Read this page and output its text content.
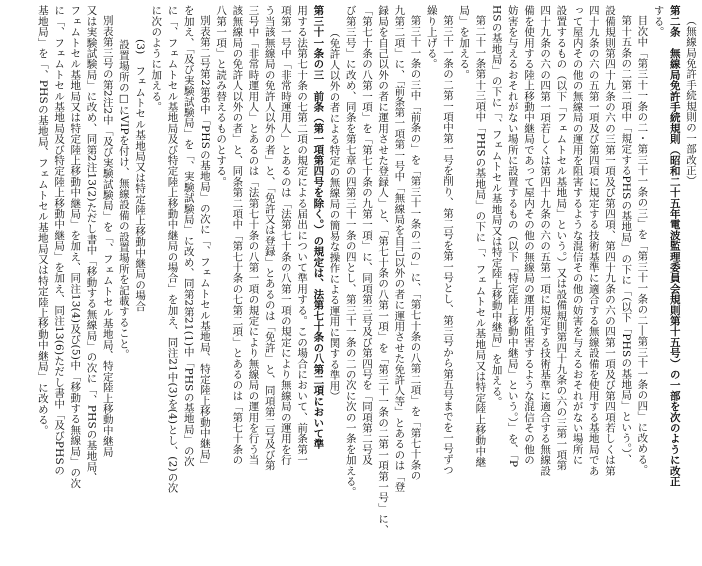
（無線局免許手続規則の一部改正）
第二条　無線局免許手続規則（昭和二十五年電波監理委員会規則第十五号）の一部を次のように改正
する。
目次中「第三十一条の二・第三十一条の三」を「第三十一条の二―第三十一条の四」に改める。
第十五条の二第二項中「規定するPHSの基地局」の下に「（以下「PHSの基地局」という。）、
設備規則第四十九条の六の三第一項及び第四項、第四十九条の六の四第一項及び第四項若しくは第
四十九条の六の五第一項及び第四項に規定する技術基準に適合する無線設備を使用する基地局であ
って屋内その他の無線局の運用を阻害するような混信その他の妨害を与えるおそれがない場所に
設置するもの（以下「フェムトセル基地局」という。）又は設備規則第四十九条の六の三第一項第
四十九条の六の四第一項若しくは第四十九条の六の五第一項に規定する技術基準に適合する無線設
備を使用する陸上移動中継局であって屋内その他の無線局の運用を阻害するような混信その他の
妨害を与えるおそれがない場所に設置するもの（以下「特定陸上移動中継局」という。）」を、「P
HSの基地局」の下に「、フェムトセル基地局又は特定陸上移動中継局」を加える。
第二十一条第十三項中「PHSの基地局」の下に「、フェムトセル基地局又は特定陸上移動中継
局」を加える。
第三十一条の二第一項中第一号を削り、第二号を第一号とし、第三号から第五号までを一号ずつ
繰り上げる。
第三十一条の三中「前条の」を「第三十一条の二の」に、「第七十条の八第二項」を「第七十条の
九第二項」に、「前条第一項第一号中「無線局を自己以外の者に運用させた免許人等」とあるのは「登
録局を自己以外の者に運用させた登録人」と、「第七十条の八第一項」を「第三十一条の二第一項第一号」に、
「第七十条の八第一項」を「第七十条の九第一項」に、同項第三号及び第四号を「同項第二号及
び第三号」に改め、同条を第七章の四第三十一条の四とし、第三十一条の二の次に次の一条を加える。
（免許人以外の者による特定の無線局の簡易な操作による運用に関する準用）
第三十一条の三　前条（第一項第四号を除く。）の規定は、法第七十条の八第二項において準
用する法第七十条の七第二項の規定による届出について準用する。この場合において、前条第一
項第一号中「非常時運用人」とあるのは「法第七十条の八第一項の規定により無線局の運用を行
う当該無線局の免許人以外の者」と、「免許又は登録」とあるのは「免許」と、同項第二号及び第
三号中「非常時運用人」とあるのは「法第七十条の八第一項の規定により無線局の運用を行う当
該無線局の免許人以外の者」と、同条第二項中「第七十条の七第二項」とあるのは「第七十条の
八第一項」と読み替えるものとする。
別表第二号第2第6中「PHSの基地局」の次に「、フェムトセル基地局、特定陸上移動中継局」
を加え、「及び実験試験局」を「、実験試験局」に改め、同第2第21(1)中「PHSの基地局」の次
に「、フェムトセル基地局及び特定陸上移動中継局の場合」を加え、同注21中(3)を(4)とし、(2)の次
に次のように加える。
(3)　フェムトセル基地局又は特定陸上移動中継局の場合
設置場所の□にVIPを付け、無線設備の設置場所を記載すること。
別表第三号の第2注2中「及び実験試験局」を「、フェムトセル基地局、特定陸上移動中継局
又は実験試験局」に改め、同第2注13(2)ただし書中「移動する無線局」の次に「、PHSの基地局、
フェムトセル基地局又は特定陸上移動中継局」を加え、同注13(4)及び(5)中「移動する無線局」の次
に「、フェムトセル基地局及び特定陸上移動中継局」を加え、同注13(6)ただし書中「及びPHSの
基地局」を「、PHSの基地局、フェムトセル基地局又は特定陸上移動中継局」に改める。
